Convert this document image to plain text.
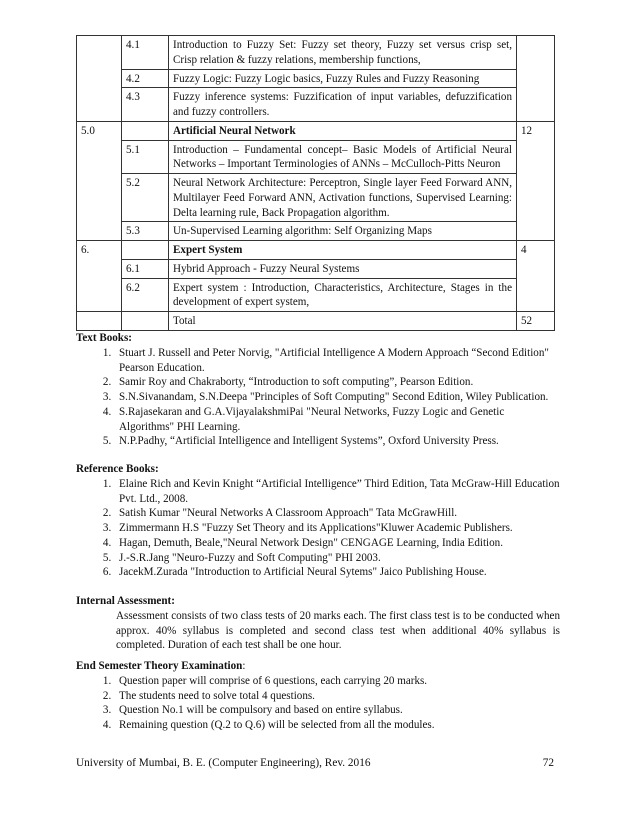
	4.1	Introduction to Fuzzy Set: Fuzzy set theory, Fuzzy set versus crisp set, Crisp relation & fuzzy relations, membership functions,	
	4.2	Fuzzy Logic: Fuzzy Logic basics, Fuzzy Rules and Fuzzy Reasoning	
	4.3	Fuzzy inference systems: Fuzzification of input variables, defuzzification and fuzzy controllers.	
5.0		Artificial Neural Network	12
	5.1	Introduction – Fundamental concept– Basic Models of Artificial Neural Networks – Important Terminologies of ANNs – McCulloch-Pitts Neuron	
	5.2	Neural Network Architecture: Perceptron, Single layer Feed Forward ANN, Multilayer Feed Forward ANN, Activation functions, Supervised Learning: Delta learning rule, Back Propagation algorithm.	
	5.3	Un-Supervised Learning algorithm: Self Organizing Maps	
6.		Expert System	4
	6.1	Hybrid Approach - Fuzzy Neural Systems	
	6.2	Expert system : Introduction, Characteristics, Architecture, Stages in the development of expert system,	
		Total	52
Text Books:
1. Stuart J. Russell and Peter Norvig, "Artificial Intelligence A Modern Approach “Second Edition" Pearson Education.
2. Samir Roy and Chakraborty, “Introduction to soft computing”, Pearson Edition.
3. S.N.Sivanandam, S.N.Deepa "Principles of Soft Computing" Second Edition, Wiley Publication.
4. S.Rajasekaran and G.A.VijayalakshmiPai "Neural Networks, Fuzzy Logic and Genetic Algorithms" PHI Learning.
5. N.P.Padhy, “Artificial Intelligence and Intelligent Systems”, Oxford University Press.
Reference Books:
1. Elaine Rich and Kevin Knight “Artificial Intelligence” Third Edition, Tata McGraw-Hill Education Pvt. Ltd., 2008.
2. Satish Kumar "Neural Networks A Classroom Approach" Tata McGrawHill.
3. Zimmermann H.S "Fuzzy Set Theory and its Applications"Kluwer Academic Publishers.
4. Hagan, Demuth, Beale,"Neural Network Design" CENGAGE Learning, India Edition.
5. J.-S.R.Jang "Neuro-Fuzzy and Soft Computing" PHI 2003.
6. JacekM.Zurada "Introduction to Artificial Neural Sytems" Jaico Publishing House.
Internal Assessment:
Assessment consists of two class tests of 20 marks each. The first class test is to be conducted when approx. 40% syllabus is completed and second class test when additional 40% syllabus is completed. Duration of each test shall be one hour.
End Semester Theory Examination:
1. Question paper will comprise of 6 questions, each carrying 20 marks.
2. The students need to solve total 4 questions.
3. Question No.1 will be compulsory and based on entire syllabus.
4. Remaining question (Q.2 to Q.6) will be selected from all the modules.
University of Mumbai, B. E. (Computer Engineering), Rev. 2016	72
